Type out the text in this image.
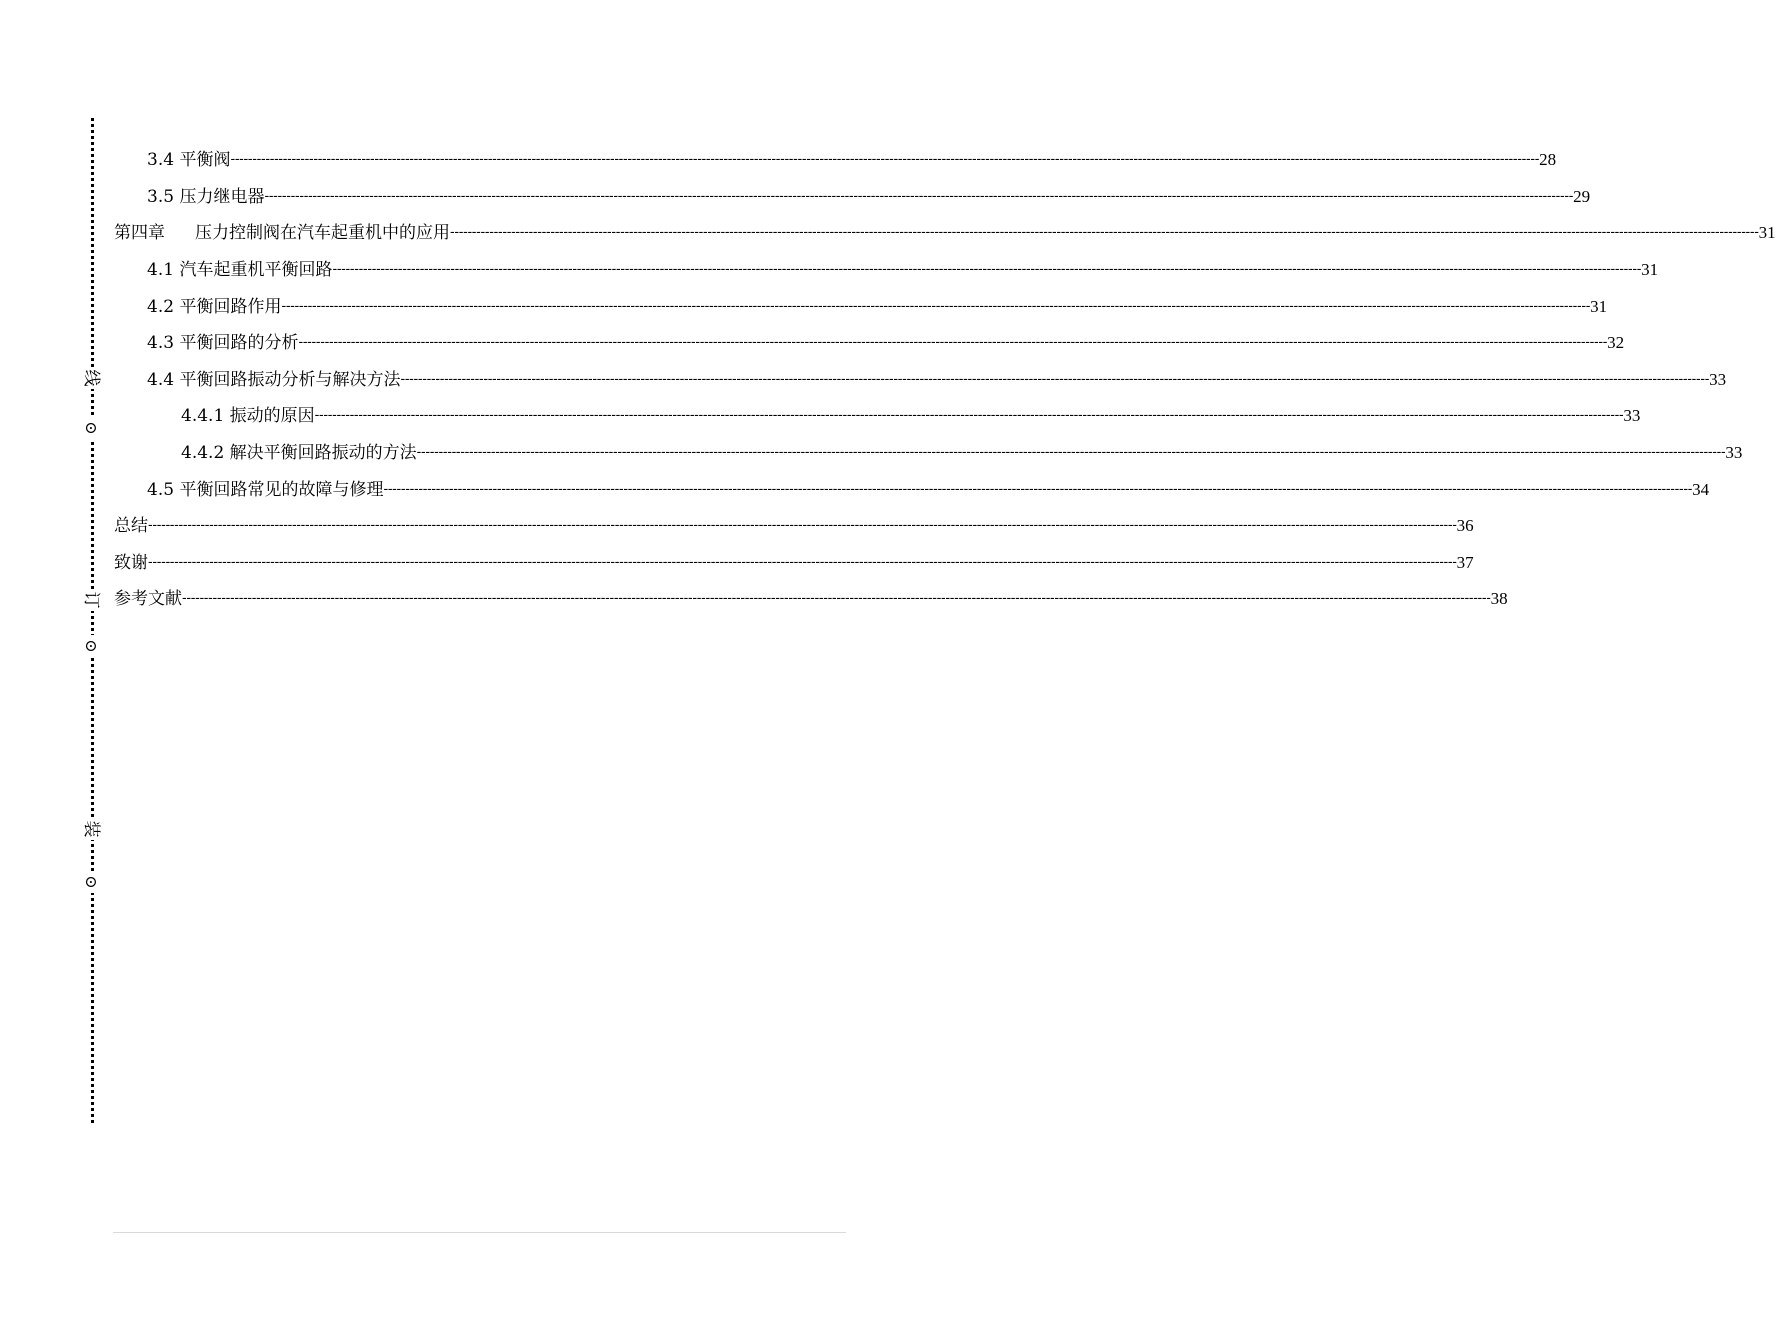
线
⊙
订
⊙
装
⊙
3.4 平衡阀 ------------------------------------------------------------------------------------------------------------------------------------------------------------------------------------------------------------------------------------------------------------------------------------------------------------ 28
3.5 压力继电器 ------------------------------------------------------------------------------------------------------------------------------------------------------------------------------------------------------------------------------------------------------------------------------------------------------------ 29
第四章 压力控制阀在汽车起重机中的应用 ------------------------------------------------------------------------------------------------------------------------------------------------------------------------------------------------------------------------------------------------------------------------------------------------------------ 31
4.1 汽车起重机平衡回路 ------------------------------------------------------------------------------------------------------------------------------------------------------------------------------------------------------------------------------------------------------------------------------------------------------------ 31
4.2 平衡回路作用 ------------------------------------------------------------------------------------------------------------------------------------------------------------------------------------------------------------------------------------------------------------------------------------------------------------ 31
4.3 平衡回路的分析 ------------------------------------------------------------------------------------------------------------------------------------------------------------------------------------------------------------------------------------------------------------------------------------------------------------ 32
4.4 平衡回路振动分析与解决方法 ------------------------------------------------------------------------------------------------------------------------------------------------------------------------------------------------------------------------------------------------------------------------------------------------------------ 33
4.4.1 振动的原因 ------------------------------------------------------------------------------------------------------------------------------------------------------------------------------------------------------------------------------------------------------------------------------------------------------------ 33
4.4.2 解决平衡回路振动的方法 ------------------------------------------------------------------------------------------------------------------------------------------------------------------------------------------------------------------------------------------------------------------------------------------------------------ 33
4.5 平衡回路常见的故障与修理 ------------------------------------------------------------------------------------------------------------------------------------------------------------------------------------------------------------------------------------------------------------------------------------------------------------ 34
总结 ------------------------------------------------------------------------------------------------------------------------------------------------------------------------------------------------------------------------------------------------------------------------------------------------------------ 36
致谢 ------------------------------------------------------------------------------------------------------------------------------------------------------------------------------------------------------------------------------------------------------------------------------------------------------------ 37
参考文献 ------------------------------------------------------------------------------------------------------------------------------------------------------------------------------------------------------------------------------------------------------------------------------------------------------------ 38
